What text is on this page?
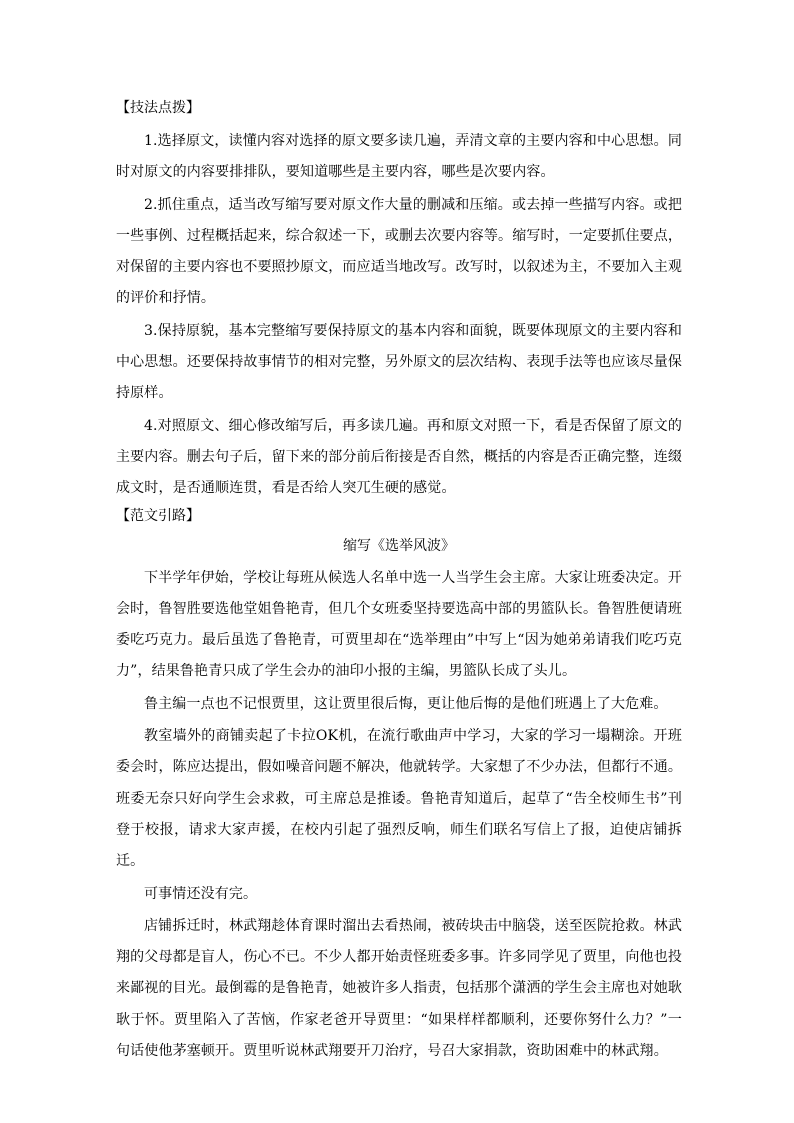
【技法点拨】

1.选择原文，读懂内容对选择的原文要多读几遍，弄清文章的主要内容和中心思想。同时对原文的内容要排排队，要知道哪些是主要内容，哪些是次要内容。

2.抓住重点，适当改写缩写要对原文作大量的删减和压缩。或去掉一些描写内容。或把一些事例、过程概括起来，综合叙述一下，或删去次要内容等。缩写时，一定要抓住要点，对保留的主要内容也不要照抄原文，而应适当地改写。改写时，以叙述为主，不要加入主观的评价和抒情。

3.保持原貌，基本完整缩写要保持原文的基本内容和面貌，既要体现原文的主要内容和中心思想。还要保持故事情节的相对完整，另外原文的层次结构、表现手法等也应该尽量保持原样。

4.对照原文、细心修改缩写后，再多读几遍。再和原文对照一下，看是否保留了原文的主要内容。删去句子后，留下来的部分前后衔接是否自然，概括的内容是否正确完整，连缀成文时，是否通顺连贯，看是否给人突兀生硬的感觉。

【范文引路】
缩写《选举风波》

下半学年伊始，学校让每班从候选人名单中选一人当学生会主席。大家让班委决定。开会时，鲁智胜要选他堂姐鲁艳青，但几个女班委坚持要选高中部的男篮队长。鲁智胜便请班委吃巧克力。最后虽选了鲁艳青，可贾里却在“选举理由”中写上“因为她弟弟请我们吃巧克力”，结果鲁艳青只成了学生会办的油印小报的主编，男篮队长成了头儿。

鲁主编一点也不记恨贾里，这让贾里很后悔，更让他后悔的是他们班遇上了大危难。

教室墙外的商铺卖起了卡拉OK机，在流行歌曲声中学习，大家的学习一塌糊涂。开班委会时，陈应达提出，假如噪音问题不解决，他就转学。大家想了不少办法，但都行不通。班委无奈只好向学生会求救，可主席总是推诿。鲁艳青知道后，起草了“告全校师生书”刊登于校报，请求大家声援，在校内引起了强烈反响，师生们联名写信上了报，迫使店铺拆迁。

可事情还没有完。

店铺拆迁时，林武翔趁体育课时溜出去看热闹，被砖块击中脑袋，送至医院抢救。林武翔的父母都是盲人，伤心不已。不少人都开始责怪班委多事。许多同学见了贾里，向他也投来鄙视的目光。最倒霉的是鲁艳青，她被许多人指责，包括那个潇洒的学生会主席也对她耿耿于怀。贾里陷入了苦恼，作家老爸开导贾里：“如果样样都顺利，还要你努什么力？”一句话使他茅塞顿开。贾里听说林武翔要开刀治疗，号召大家捐款，资助困难中的林武翔。
